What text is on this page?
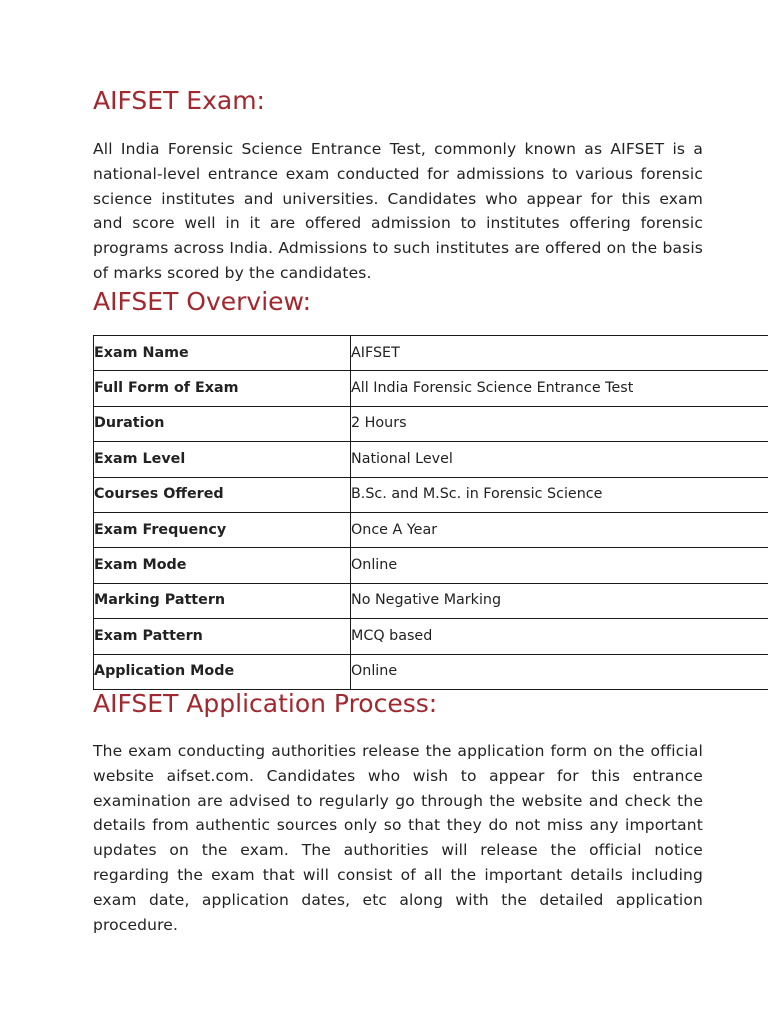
AIFSET Exam:

All India Forensic Science Entrance Test, commonly known as AIFSET is a national-level entrance exam conducted for admissions to various forensic science institutes and universities. Candidates who appear for this exam and score well in it are offered admission to institutes offering forensic programs across India. Admissions to such institutes are offered on the basis of marks scored by the candidates.

AIFSET Overview:
Exam Name	AIFSET
Full Form of Exam	All India Forensic Science Entrance Test
Duration	2 Hours
Exam Level	National Level
Courses Offered	B.Sc. and M.Sc. in Forensic Science
Exam Frequency	Once A Year
Exam Mode	Online
Marking Pattern	No Negative Marking
Exam Pattern	MCQ based
Application Mode	Online
AIFSET Application Process:

The exam conducting authorities release the application form on the official website aifset.com. Candidates who wish to appear for this entrance examination are advised to regularly go through the website and check the details from authentic sources only so that they do not miss any important updates on the exam. The authorities will release the official notice regarding the exam that will consist of all the important details including exam date, application dates, etc along with the detailed application procedure.
